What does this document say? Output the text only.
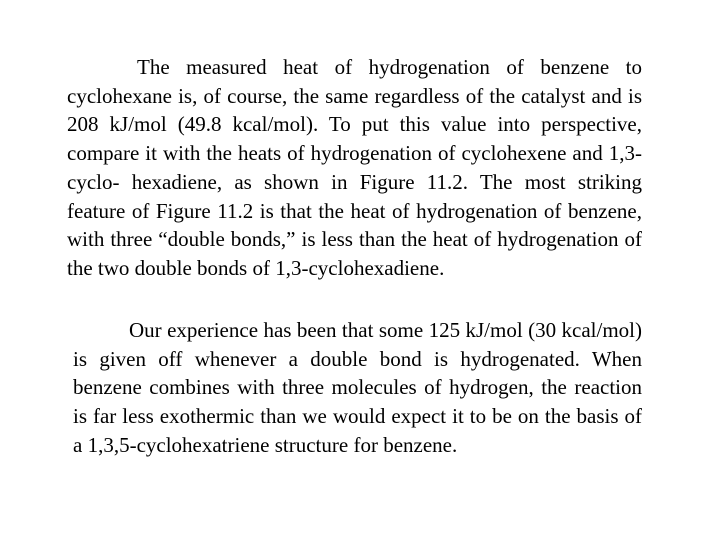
The measured heat of hydrogenation of benzene to cyclohexane is, of course, the same regardless of the catalyst and is 208 kJ/mol (49.8 kcal/mol). To put this value into perspective, compare it with the heats of hydrogenation of cyclohexene and 1,3-cyclo- hexadiene, as shown in Figure 11.2. The most striking feature of Figure 11.2 is that the heat of hydrogenation of benzene, with three “double bonds,” is less than the heat of hydrogenation of the two double bonds of 1,3-cyclohexadiene.

Our experience has been that some 125 kJ/mol (30 kcal/mol) is given off whenever a double bond is hydrogenated. When benzene combines with three molecules of hydrogen, the reaction is far less exothermic than we would expect it to be on the basis of a 1,3,5-cyclohexatriene structure for benzene.
